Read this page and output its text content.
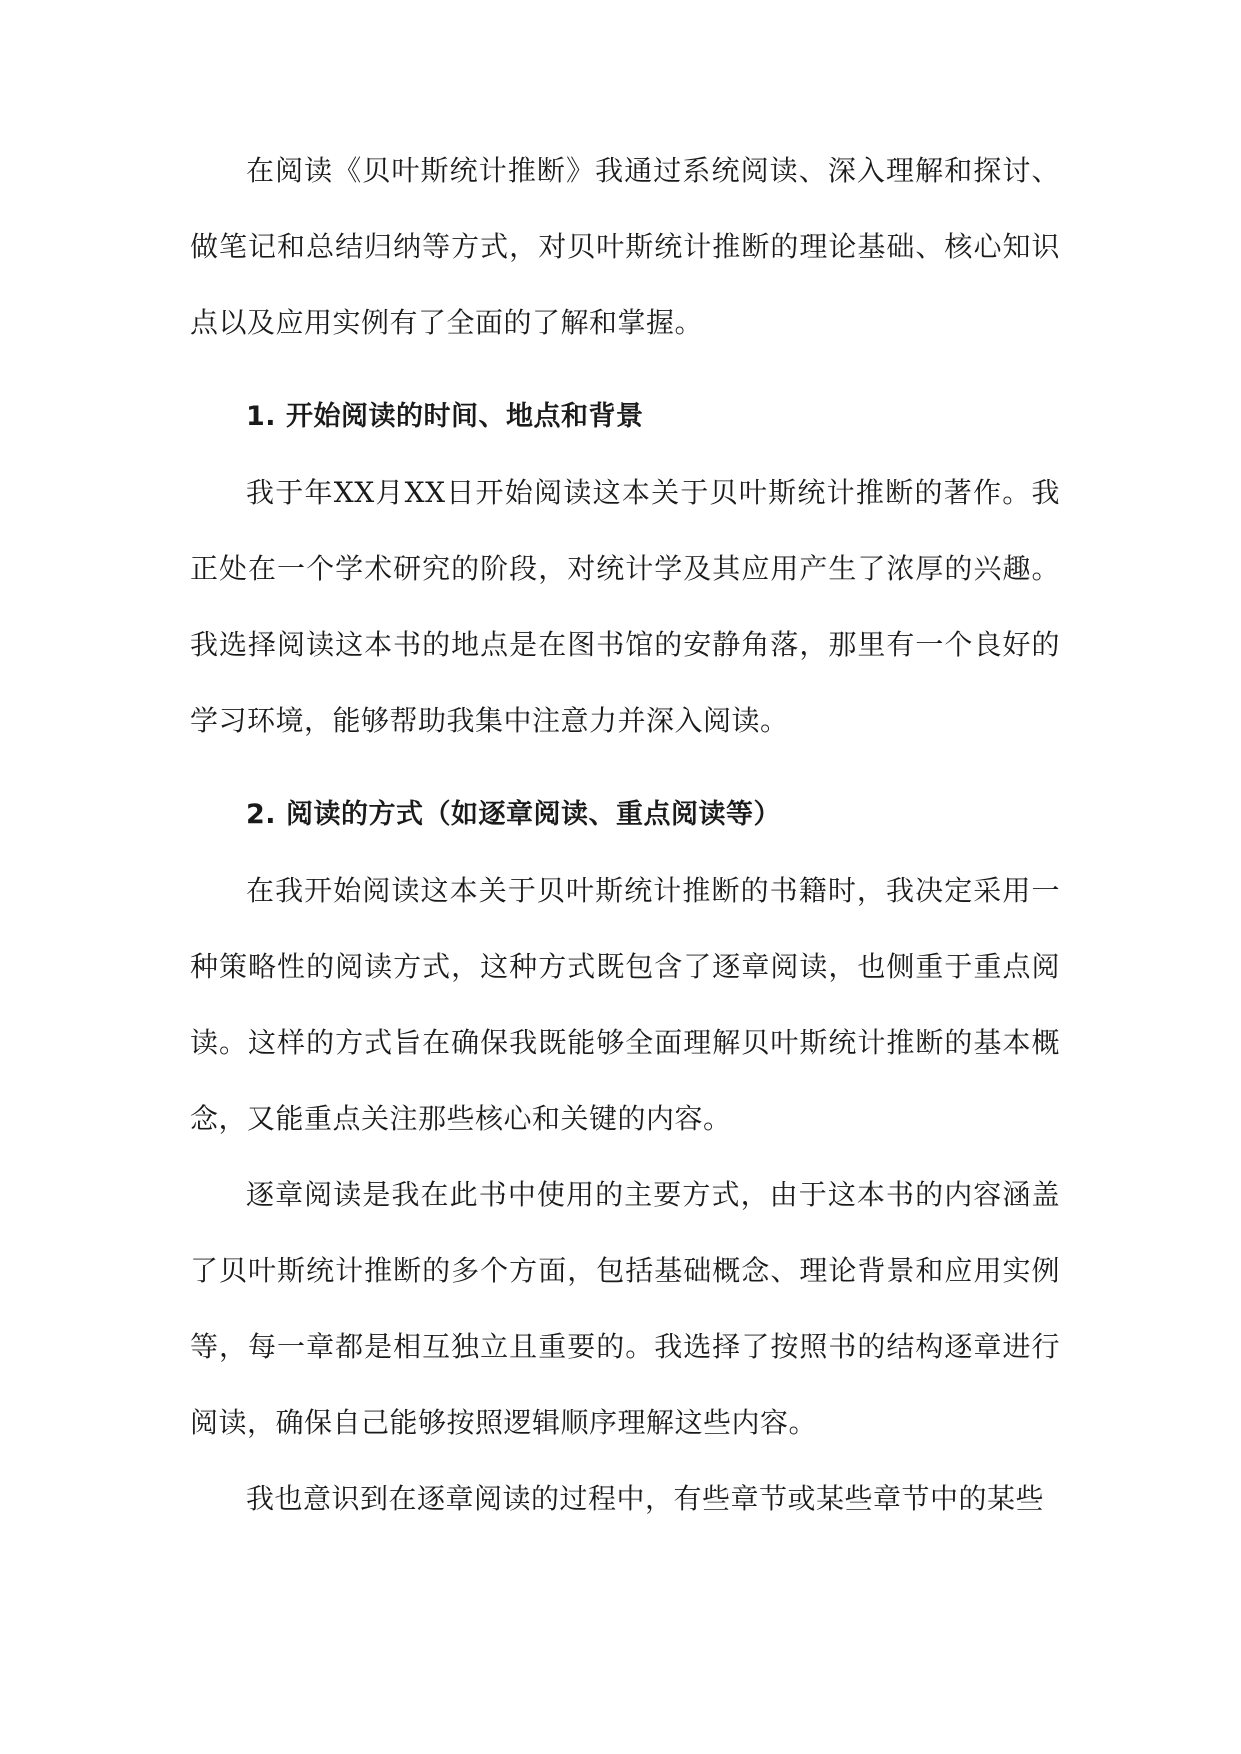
在阅读《贝叶斯统计推断》我通过系统阅读、深入理解和探讨、做笔记和总结归纳等方式，对贝叶斯统计推断的理论基础、核心知识点以及应用实例有了全面的了解和掌握。

1. 开始阅读的时间、地点和背景

我于年XX月XX日开始阅读这本关于贝叶斯统计推断的著作。我正处在一个学术研究的阶段，对统计学及其应用产生了浓厚的兴趣。我选择阅读这本书的地点是在图书馆的安静角落，那里有一个良好的学习环境，能够帮助我集中注意力并深入阅读。

2. 阅读的方式（如逐章阅读、重点阅读等）

在我开始阅读这本关于贝叶斯统计推断的书籍时，我决定采用一种策略性的阅读方式，这种方式既包含了逐章阅读，也侧重于重点阅读。这样的方式旨在确保我既能够全面理解贝叶斯统计推断的基本概念，又能重点关注那些核心和关键的内容。

逐章阅读是我在此书中使用的主要方式，由于这本书的内容涵盖了贝叶斯统计推断的多个方面，包括基础概念、理论背景和应用实例等，每一章都是相互独立且重要的。我选择了按照书的结构逐章进行阅读，确保自己能够按照逻辑顺序理解这些内容。

我也意识到在逐章阅读的过程中，有些章节或某些章节中的某些
